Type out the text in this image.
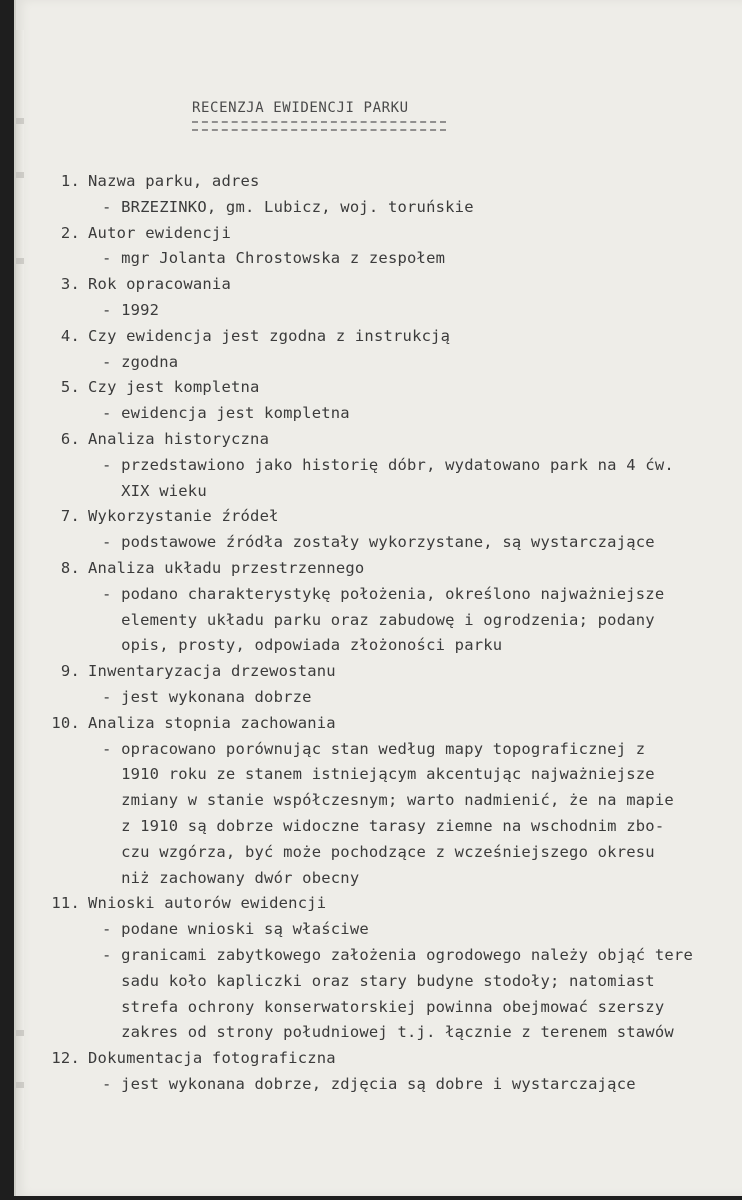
RECENZJA EWIDENCJI PARKU
1. Nazwa parku, adres
- BRZEZINKO, gm. Lubicz, woj. toruńskie
2. Autor ewidencji
- mgr Jolanta Chrostowska z zespołem
3. Rok opracowania
- 1992
4. Czy ewidencja jest zgodna z instrukcją
- zgodna
5. Czy jest kompletna
- ewidencja jest kompletna
6. Analiza historyczna
- przedstawiono jako historię dóbr, wydatowano park na 4 ćw.
XIX wieku
7. Wykorzystanie źródeł
- podstawowe źródła zostały wykorzystane, są wystarczające
8. Analiza układu przestrzennego
- podano charakterystykę położenia, określono najważniejsze
elementy układu parku oraz zabudowę i ogrodzenia; podany
opis, prosty, odpowiada złożoności parku
9. Inwentaryzacja drzewostanu
- jest wykonana dobrze
10. Analiza stopnia zachowania
- opracowano porównując stan według mapy topograficznej z
1910 roku ze stanem istniejącym akcentując najważniejsze
zmiany w stanie współczesnym; warto nadmienić, że na mapie
z 1910 są dobrze widoczne tarasy ziemne na wschodnim zbo-
czu wzgórza, być może pochodzące z wcześniejszego okresu
niż zachowany dwór obecny
11. Wnioski autorów ewidencji
- podane wnioski są właściwe
- granicami zabytkowego założenia ogrodowego należy objąć tere
sadu koło kapliczki oraz stary budyne stodoły; natomiast
strefa ochrony konserwatorskiej powinna obejmować szerszy
zakres od strony południowej t.j. łącznie z terenem stawów
12. Dokumentacja fotograficzna
- jest wykonana dobrze, zdjęcia są dobre i wystarczające
